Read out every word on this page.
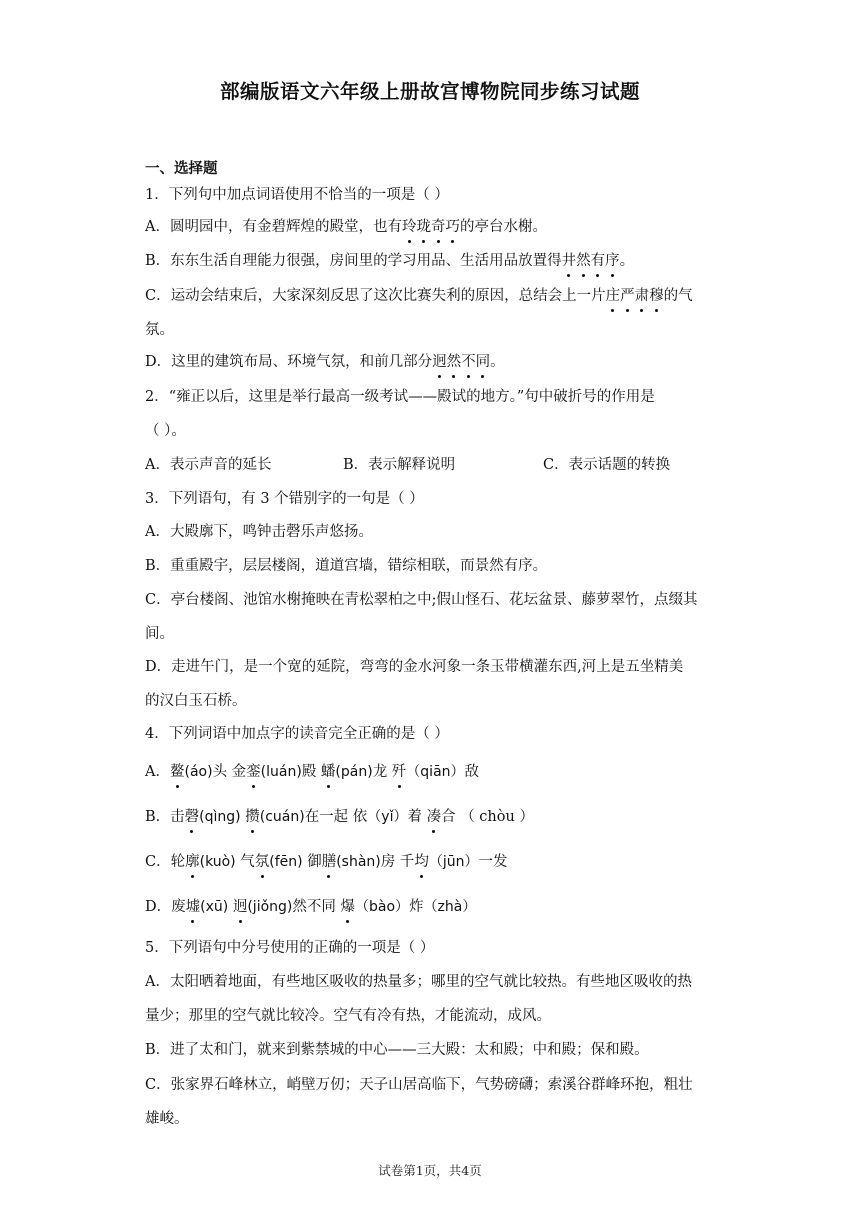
部编版语文六年级上册故宫博物院同步练习试题
一、选择题
1．下列句中加点词语使用不恰当的一项是（ ）
A．圆明园中，有金碧辉煌的殿堂，也有玲珑奇巧的亭台水榭。
B．东东生活自理能力很强，房间里的学习用品、生活用品放置得井然有序。
C．运动会结束后，大家深刻反思了这次比赛失利的原因，总结会上一片庄严肃穆的气
氛。
D．这里的建筑布局、环境气氛，和前几部分迥然不同。
2．“雍正以后，这里是举行最高一级考试——殿试的地方。”句中破折号的作用是
（ ）。
A．表示声音的延长	B．表示解释说明	C．表示话题的转换
3．下列语句，有 3 个错别字的一句是（ ）
A．大殿廓下，鸣钟击磬乐声悠扬。
B．重重殿宇，层层楼阁，道道宫墙，错综相联，而景然有序。
C．亭台楼阁、池馆水榭掩映在青松翠柏之中;假山怪石、花坛盆景、藤萝翠竹，点缀其
间。
D．走进午门，是一个宽的延院，弯弯的金水河象一条玉带横灌东西,河上是五坐精美
的汉白玉石桥。
4．下列词语中加点字的读音完全正确的是（ ）
A．鳌(áo)头 金銮(luán)殿 蟠(pán)龙 歼（qiān）敌
B．击磬(qìng) 攒(cuán)在一起 依（yǐ）着 凑合 （ chòu ）
C．轮廓(kuò) 气氛(fēn) 御膳(shàn)房 千均（jūn）一发
D．废墟(xū) 迥(jiǒng)然不同 爆（bào）炸（zhà）
5．下列语句中分号使用的正确的一项是（ ）
A．太阳晒着地面，有些地区吸收的热量多；哪里的空气就比较热。有些地区吸收的热
量少；那里的空气就比较冷。空气有冷有热，才能流动，成风。
B．进了太和门，就来到紫禁城的中心——三大殿：太和殿；中和殿；保和殿。
C．张家界石峰林立，峭壁万仞；天子山居高临下，气势磅礴；索溪谷群峰环抱，粗壮
雄峻。
试卷第1页，共4页
